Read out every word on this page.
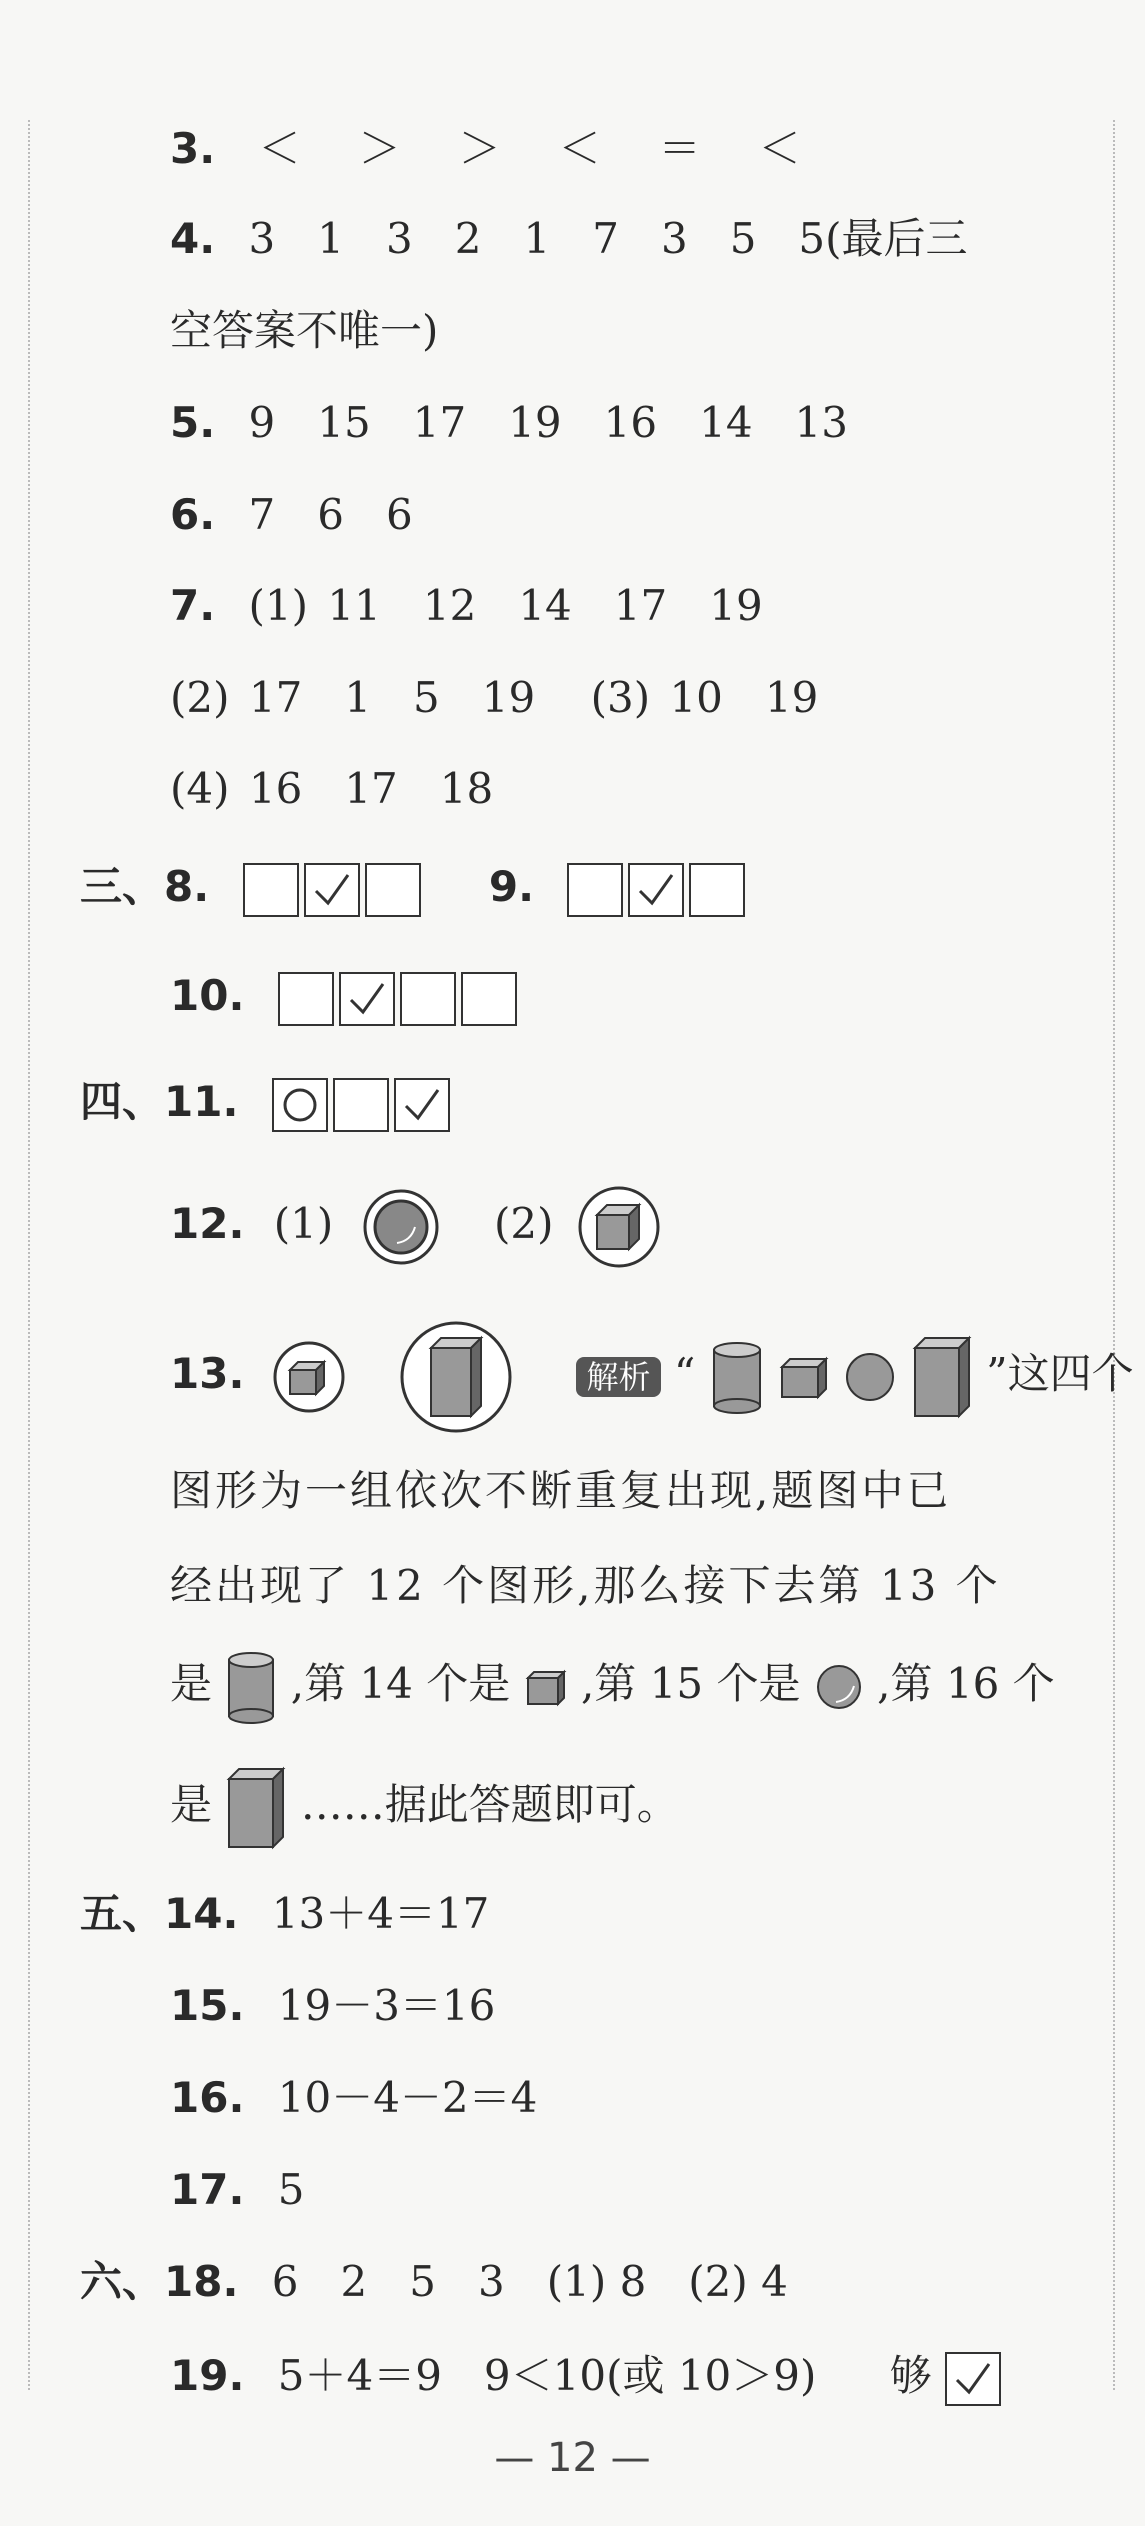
3. ＜ ＞ ＞ ＜ ＝ ＜
4. 3 1 3 2 1 7 3 5 5(最后三
空答案不唯一)
5. 9 15 17 19 16 14 13
6. 7 6 6
7. (1) 11 12 14 17 19
(2) 17 1 5 19 (3) 10 19
(4) 16 17 18
三、8.	9.
10.
四、11.
12. (1)	(2)
13.	解析 “	”这四个
图形为一组依次不断重复出现,题图中已
经出现了 12 个图形,那么接下去第 13 个
是 ,第 14 个是 ,第 15 个是 ,第 16 个
是 ……据此答题即可。
五、14. 13＋4＝17
15. 19－3＝16
16. 10－4－2＝4
17. 5
六、18. 6 2 5 3 (1) 8 (2) 4
19. 5＋4＝9　9＜10(或 10＞9) 够
— 12 —
